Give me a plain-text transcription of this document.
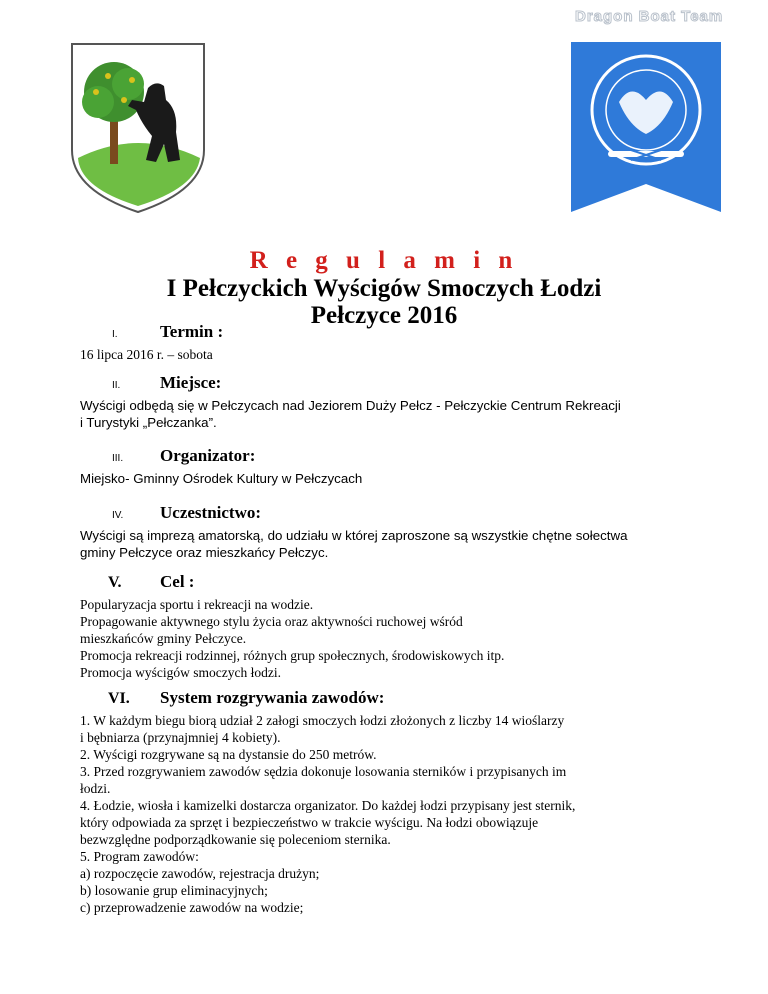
Dragon Boat Team
R e g u l a m i n
I Pełczyckich Wyścigów Smoczych Łodzi
Pełczyce 2016
I.	Termin :
16 lipca 2016 r. – sobota
II.	Miejsce:
Wyścigi odbędą się w Pełczycach nad Jeziorem Duży Pełcz - Pełczyckie Centrum Rekreacji
i Turystyki „Pełczanka”.
III.	Organizator:
Miejsko- Gminny Ośrodek Kultury w Pełczycach
IV.	Uczestnictwo:
Wyścigi są imprezą amatorską, do udziału w której zaproszone są wszystkie chętne sołectwa
gminy Pełczyce oraz mieszkańcy Pełczyc.
V.	Cel :
Popularyzacja sportu i rekreacji na wodzie.
Propagowanie aktywnego stylu życia oraz aktywności ruchowej wśród
mieszkańców gminy Pełczyce.
Promocja rekreacji rodzinnej, różnych grup społecznych, środowiskowych itp.
Promocja wyścigów smoczych łodzi.
VI.	System rozgrywania zawodów:
1. W każdym biegu biorą udział 2 załogi smoczych łodzi złożonych z liczby 14 wioślarzy
i bębniarza (przynajmniej 4 kobiety).
2. Wyścigi rozgrywane są na dystansie do 250 metrów.
3. Przed rozgrywaniem zawodów sędzia dokonuje losowania sterników i przypisanych im
łodzi.
4. Łodzie, wiosła i kamizelki dostarcza organizator. Do każdej łodzi przypisany jest sternik,
który odpowiada za sprzęt i bezpieczeństwo w trakcie wyścigu. Na łodzi obowiązuje
bezwzględne podporządkowanie się poleceniom sternika.
5. Program zawodów:
a) rozpoczęcie zawodów, rejestracja drużyn;
b) losowanie grup eliminacyjnych;
c) przeprowadzenie zawodów na wodzie;
